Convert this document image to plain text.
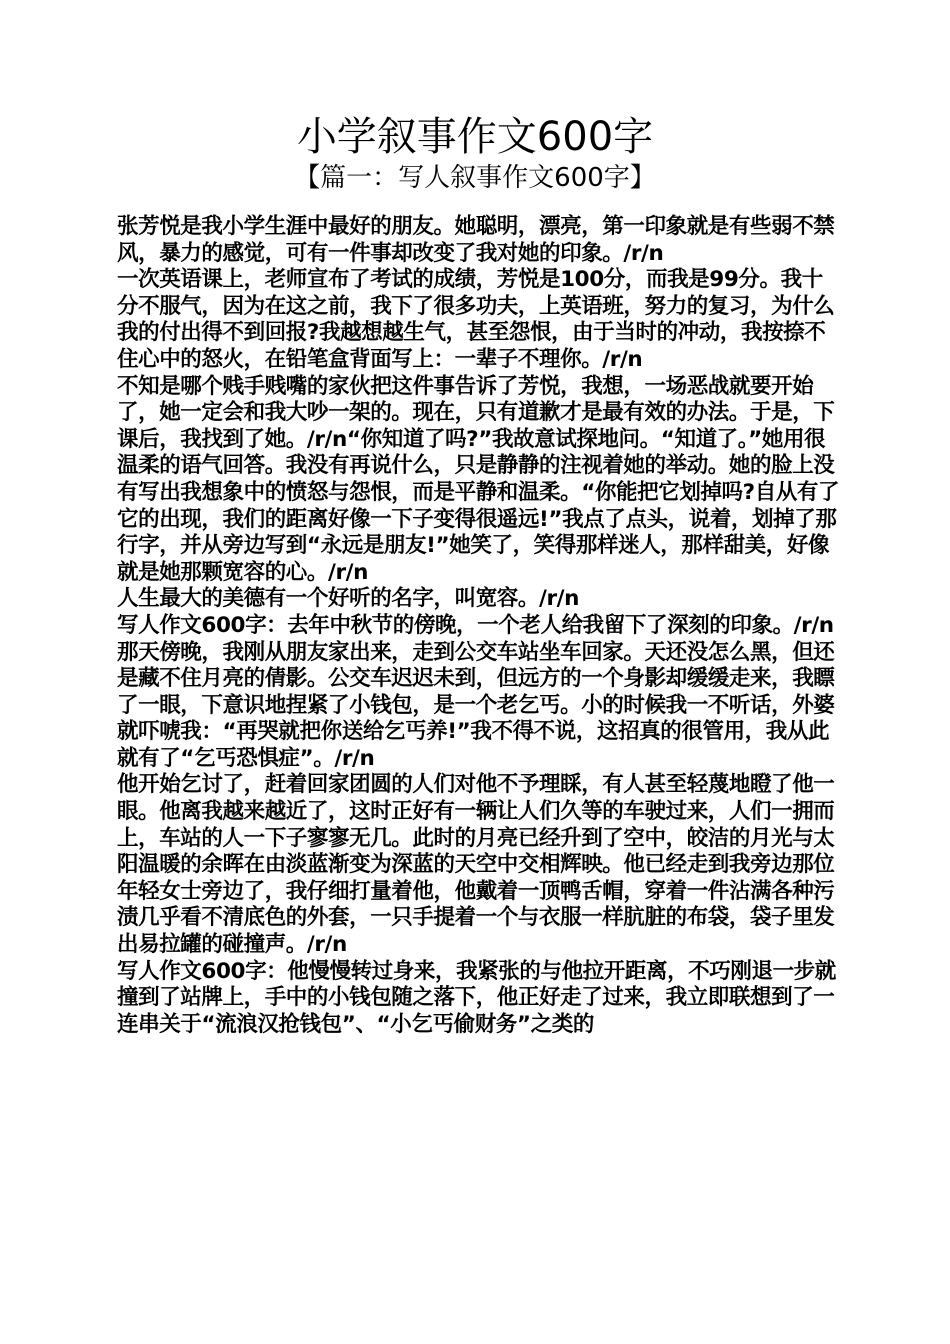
小学叙事作文600字
【篇一：写人叙事作文600字】

张芳悦是我小学生涯中最好的朋友。她聪明，漂亮，第一印象就是有些弱不禁风，暴力的感觉，可有一件事却改变了我对她的印象。/r/n

一次英语课上，老师宣布了考试的成绩，芳悦是100分，而我是99分。我十分不服气，因为在这之前，我下了很多功夫，上英语班，努力的复习，为什么我的付出得不到回报?我越想越生气，甚至怨恨，由于当时的冲动，我按捺不住心中的怒火，在铅笔盒背面写上：一辈子不理你。/r/n

不知是哪个贱手贱嘴的家伙把这件事告诉了芳悦，我想，一场恶战就要开始了，她一定会和我大吵一架的。现在，只有道歉才是最有效的办法。于是，下课后，我找到了她。/r/n“你知道了吗?”我故意试探地问。“知道了。”她用很温柔的语气回答。我没有再说什么，只是静静的注视着她的举动。她的脸上没有写出我想象中的愤怒与怨恨，而是平静和温柔。“你能把它划掉吗?自从有了它的出现，我们的距离好像一下子变得很遥远!”我点了点头，说着，划掉了那行字，并从旁边写到“永远是朋友!”她笑了，笑得那样迷人，那样甜美，好像就是她那颗宽容的心。/r/n

人生最大的美德有一个好听的名字，叫宽容。/r/n

写人作文600字：去年中秋节的傍晚，一个老人给我留下了深刻的印象。/r/n

那天傍晚，我刚从朋友家出来，走到公交车站坐车回家。天还没怎么黑，但还是藏不住月亮的倩影。公交车迟迟未到，但远方的一个身影却缓缓走来，我瞟了一眼，下意识地捏紧了小钱包，是一个老乞丐。小的时候我一不听话，外婆就吓唬我：“再哭就把你送给乞丐养!”我不得不说，这招真的很管用，我从此就有了“乞丐恐惧症”。/r/n

他开始乞讨了，赶着回家团圆的人们对他不予理睬，有人甚至轻蔑地瞪了他一眼。他离我越来越近了，这时正好有一辆让人们久等的车驶过来，人们一拥而上，车站的人一下子寥寥无几。此时的月亮已经升到了空中，皎洁的月光与太阳温暖的余晖在由淡蓝渐变为深蓝的天空中交相辉映。他已经走到我旁边那位年轻女士旁边了，我仔细打量着他，他戴着一顶鸭舌帽，穿着一件沾满各种污渍几乎看不清底色的外套，一只手提着一个与衣服一样肮脏的布袋，袋子里发出易拉罐的碰撞声。/r/n

写人作文600字：他慢慢转过身来，我紧张的与他拉开距离，不巧刚退一步就撞到了站牌上，手中的小钱包随之落下，他正好走了过来，我立即联想到了一连串关于“流浪汉抢钱包”、“小乞丐偷财务”之类的
